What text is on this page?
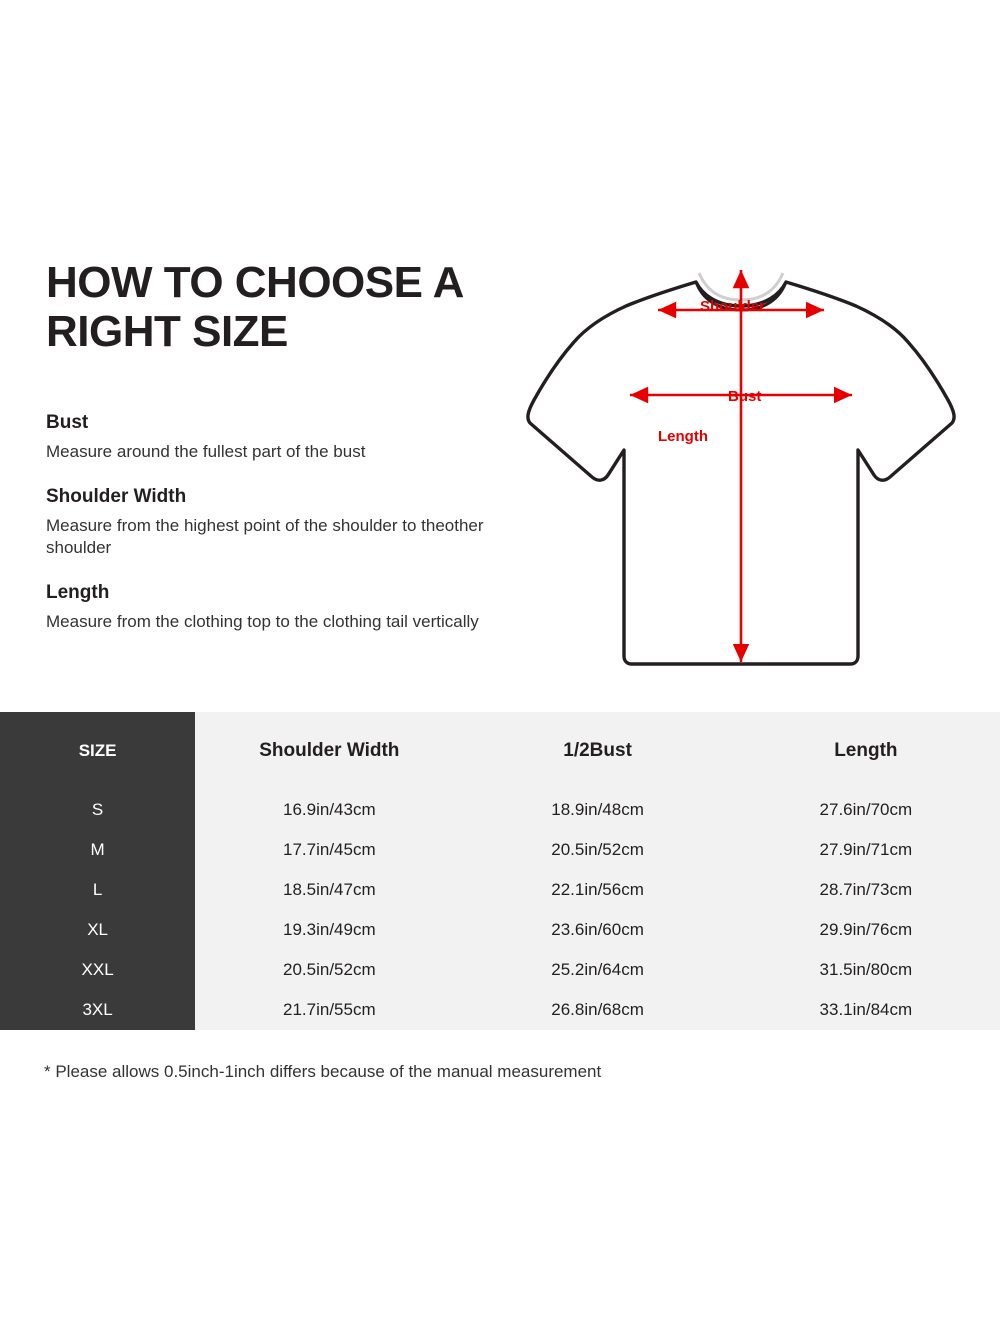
HOW TO CHOOSE A RIGHT SIZE

Bust

Measure around the fullest part of the bust

Shoulder Width

Measure from the highest point of the shoulder to theother shoulder

Length

Measure from the clothing top to the clothing tail vertically

Shoulder
Bust
Length
SIZE	Shoulder Width	1/2Bust	Length
S	16.9in/43cm	18.9in/48cm	27.6in/70cm
M	17.7in/45cm	20.5in/52cm	27.9in/71cm
L	18.5in/47cm	22.1in/56cm	28.7in/73cm
XL	19.3in/49cm	23.6in/60cm	29.9in/76cm
XXL	20.5in/52cm	25.2in/64cm	31.5in/80cm
3XL	21.7in/55cm	26.8in/68cm	33.1in/84cm
* Please allows 0.5inch-1inch differs because of the manual measurement
